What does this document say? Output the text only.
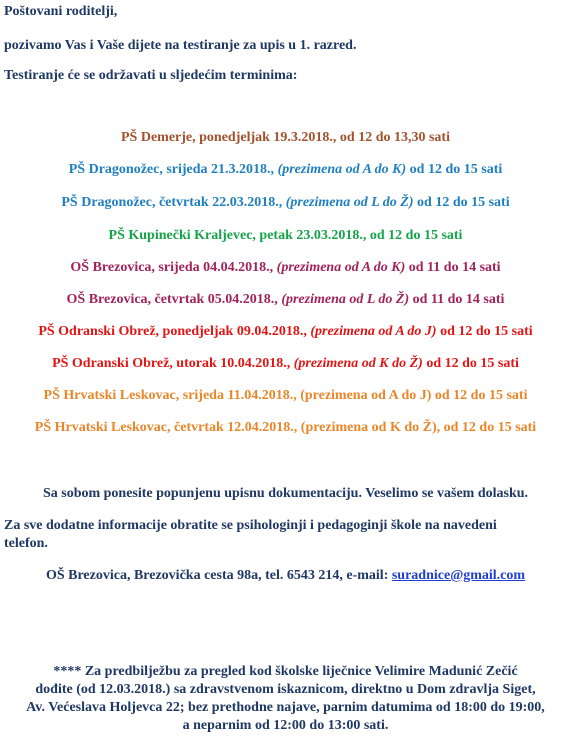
Poštovani roditelji,
pozivamo Vas i Vaše dijete na testiranje za upis u 1. razred.
Testiranje će se održavati u sljedećim terminima:
PŠ Demerje, ponedjeljak 19.3.2018., od 12 do 13,30 sati
PŠ Dragonožec, srijeda 21.3.2018., (prezimena od A do K) od 12 do 15 sati
PŠ Dragonožec, četvrtak 22.03.2018., (prezimena od L do Ž) od 12 do 15 sati
PŠ Kupinečki Kraljevec, petak 23.03.2018., od 12 do 15 sati
OŠ Brezovica, srijeda 04.04.2018., (prezimena od A do K) od 11 do 14 sati
OŠ Brezovica, četvrtak 05.04.2018., (prezimena od L do Ž) od 11 do 14 sati
PŠ Odranski Obrež, ponedjeljak 09.04.2018., (prezimena od A do J) od 12 do 15 sati
PŠ Odranski Obrež, utorak 10.04.2018., (prezimena od K do Ž) od 12 do 15 sati
PŠ Hrvatski Leskovac, srijeda 11.04.2018., (prezimena od A do J) od 12 do 15 sati
PŠ Hrvatski Leskovac, četvrtak 12.04.2018., (prezimena od K do Ž), od 12 do 15 sati
Sa sobom ponesite popunjenu upisnu dokumentaciju. Veselimo se vašem dolasku.
Za sve dodatne informacije obratite se psihologinji i pedagoginji škole na navedeni
telefon.
OŠ Brezovica, Brezovička cesta 98a, tel. 6543 214, e-mail: suradnice@gmail.com
**** Za predbilježbu za pregled kod školske liječnice Velimire Madunić Zečić
dođite (od 12.03.2018.) sa zdravstvenom iskaznicom, direktno u Dom zdravlja Siget,
Av. Većeslava Holjevca 22; bez prethodne najave, parnim datumima od 18:00 do 19:00,
a neparnim od 12:00 do 13:00 sati.
